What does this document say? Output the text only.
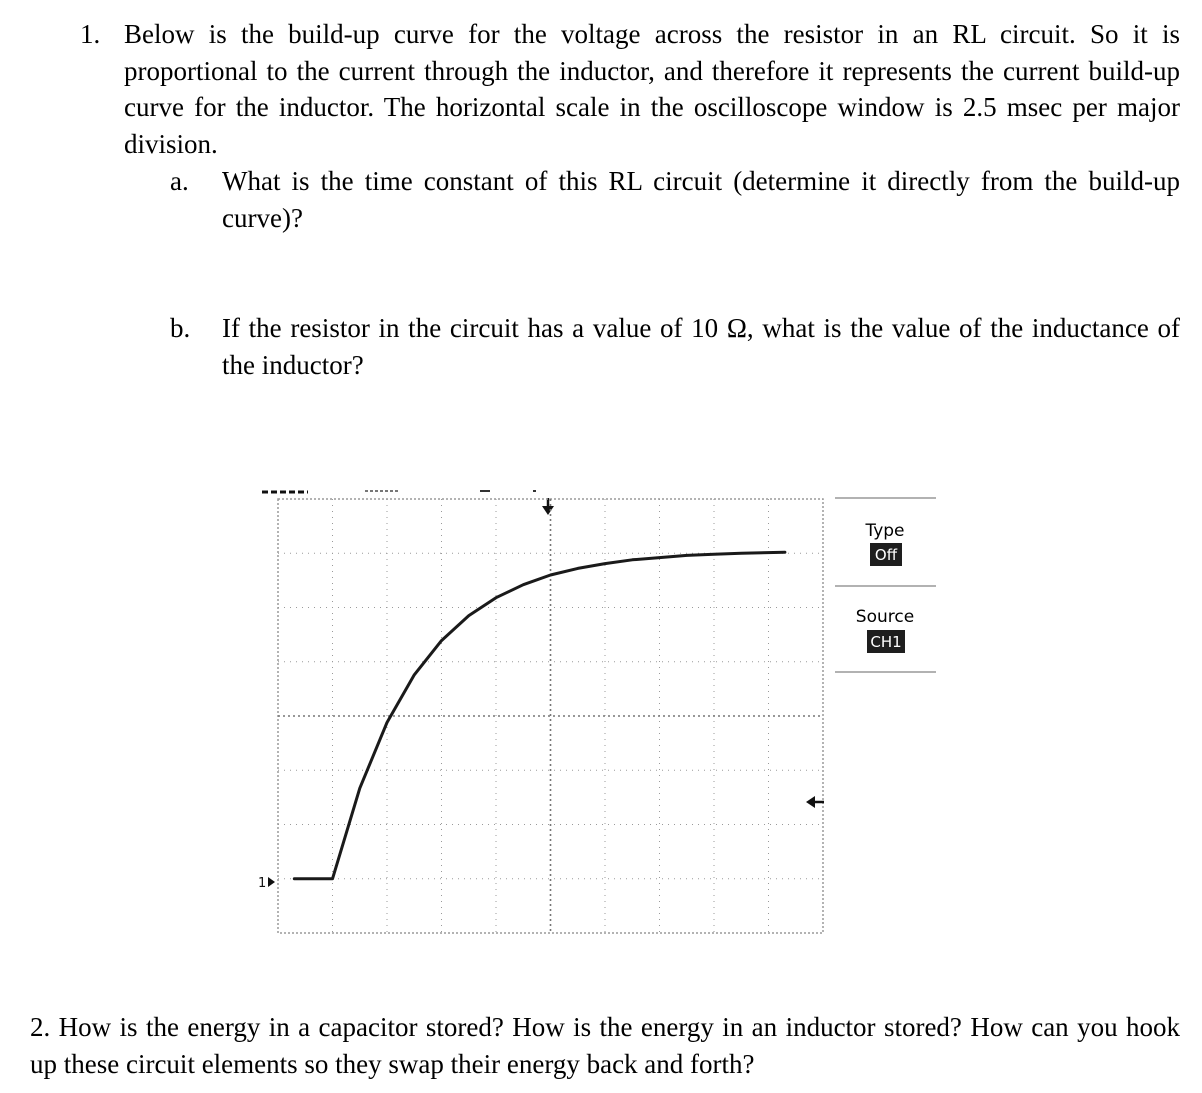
1. Below is the build-up curve for the voltage across the resistor in an RL circuit. So it is proportional to the current through the inductor, and therefore it represents the current build-up curve for the inductor. The horizontal scale in the oscilloscope window is 2.5 msec per major division.
a. What is the time constant of this RL circuit (determine it directly from the build-up curve)?
b. If the resistor in the circuit has a value of 10 Ω, what is the value of the inductance of the inductor?
1
Type
Off
Source
CH1
2. How is the energy in a capacitor stored? How is the energy in an inductor stored? How can you hook up these circuit elements so they swap their energy back and forth?
